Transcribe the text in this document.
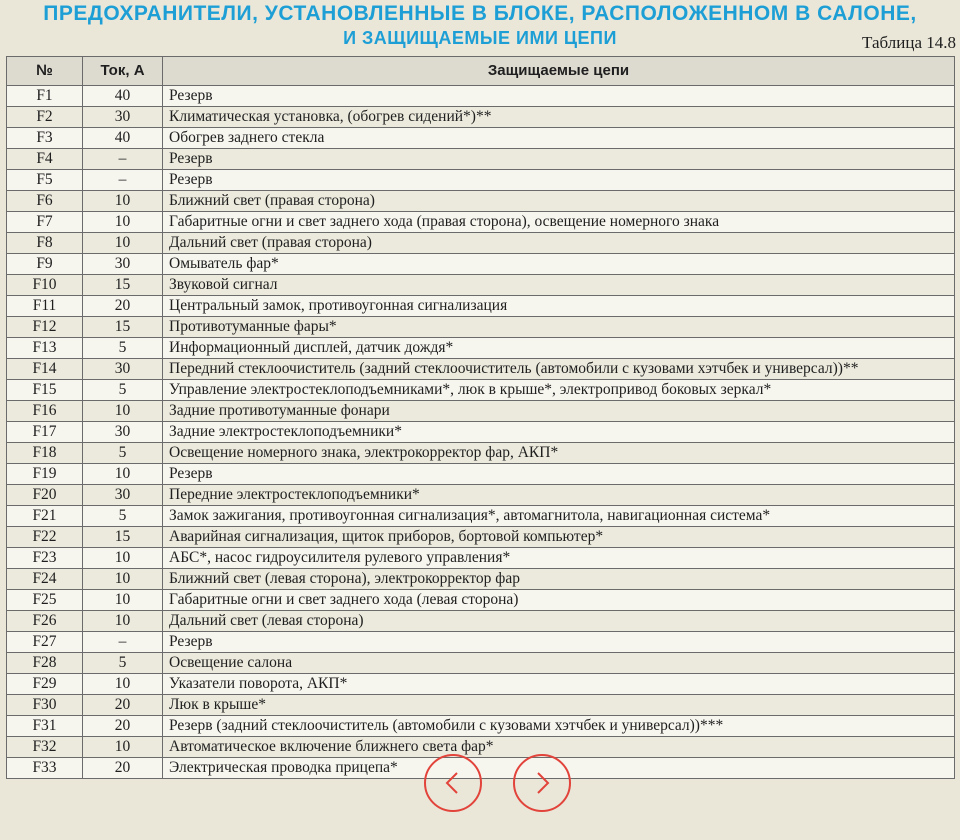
ПРЕДОХРАНИТЕЛИ, УСТАНОВЛЕННЫЕ В БЛОКЕ, РАСПОЛОЖЕННОМ В САЛОНЕ,
И ЗАЩИЩАЕМЫЕ ИМИ ЦЕПИ	Таблица 14.8

№	Ток, А	Защищаемые цепи
F1	40	Резерв
F2	30	Климатическая установка, (обогрев сидений*)**
F3	40	Обогрев заднего стекла
F4	–	Резерв
F5	–	Резерв
F6	10	Ближний свет (правая сторона)
F7	10	Габаритные огни и свет заднего хода (правая сторона), освещение номерного знака
F8	10	Дальний свет (правая сторона)
F9	30	Омыватель фар*
F10	15	Звуковой сигнал
F11	20	Центральный замок, противоугонная сигнализация
F12	15	Противотуманные фары*
F13	5	Информационный дисплей, датчик дождя*
F14	30	Передний стеклоочиститель (задний стеклоочиститель (автомобили с кузовами хэтчбек и универсал))**
F15	5	Управление электростеклоподъемниками*, люк в крыше*, электропривод боковых зеркал*
F16	10	Задние противотуманные фонари
F17	30	Задние электростеклоподъемники*
F18	5	Освещение номерного знака, электрокорректор фар, АКП*
F19	10	Резерв
F20	30	Передние электростеклоподъемники*
F21	5	Замок зажигания, противоугонная сигнализация*, автомагнитола, навигационная система*
F22	15	Аварийная сигнализация, щиток приборов, бортовой компьютер*
F23	10	АБС*, насос гидроусилителя рулевого управления*
F24	10	Ближний свет (левая сторона), электрокорректор фар
F25	10	Габаритные огни и свет заднего хода (левая сторона)
F26	10	Дальний свет (левая сторона)
F27	–	Резерв
F28	5	Освещение салона
F29	10	Указатели поворота, АКП*
F30	20	Люк в крыше*
F31	20	Резерв (задний стеклоочиститель (автомобили с кузовами хэтчбек и универсал))***
F32	10	Автоматическое включение ближнего света фар*
F33	20	Электрическая проводка прицепа*
